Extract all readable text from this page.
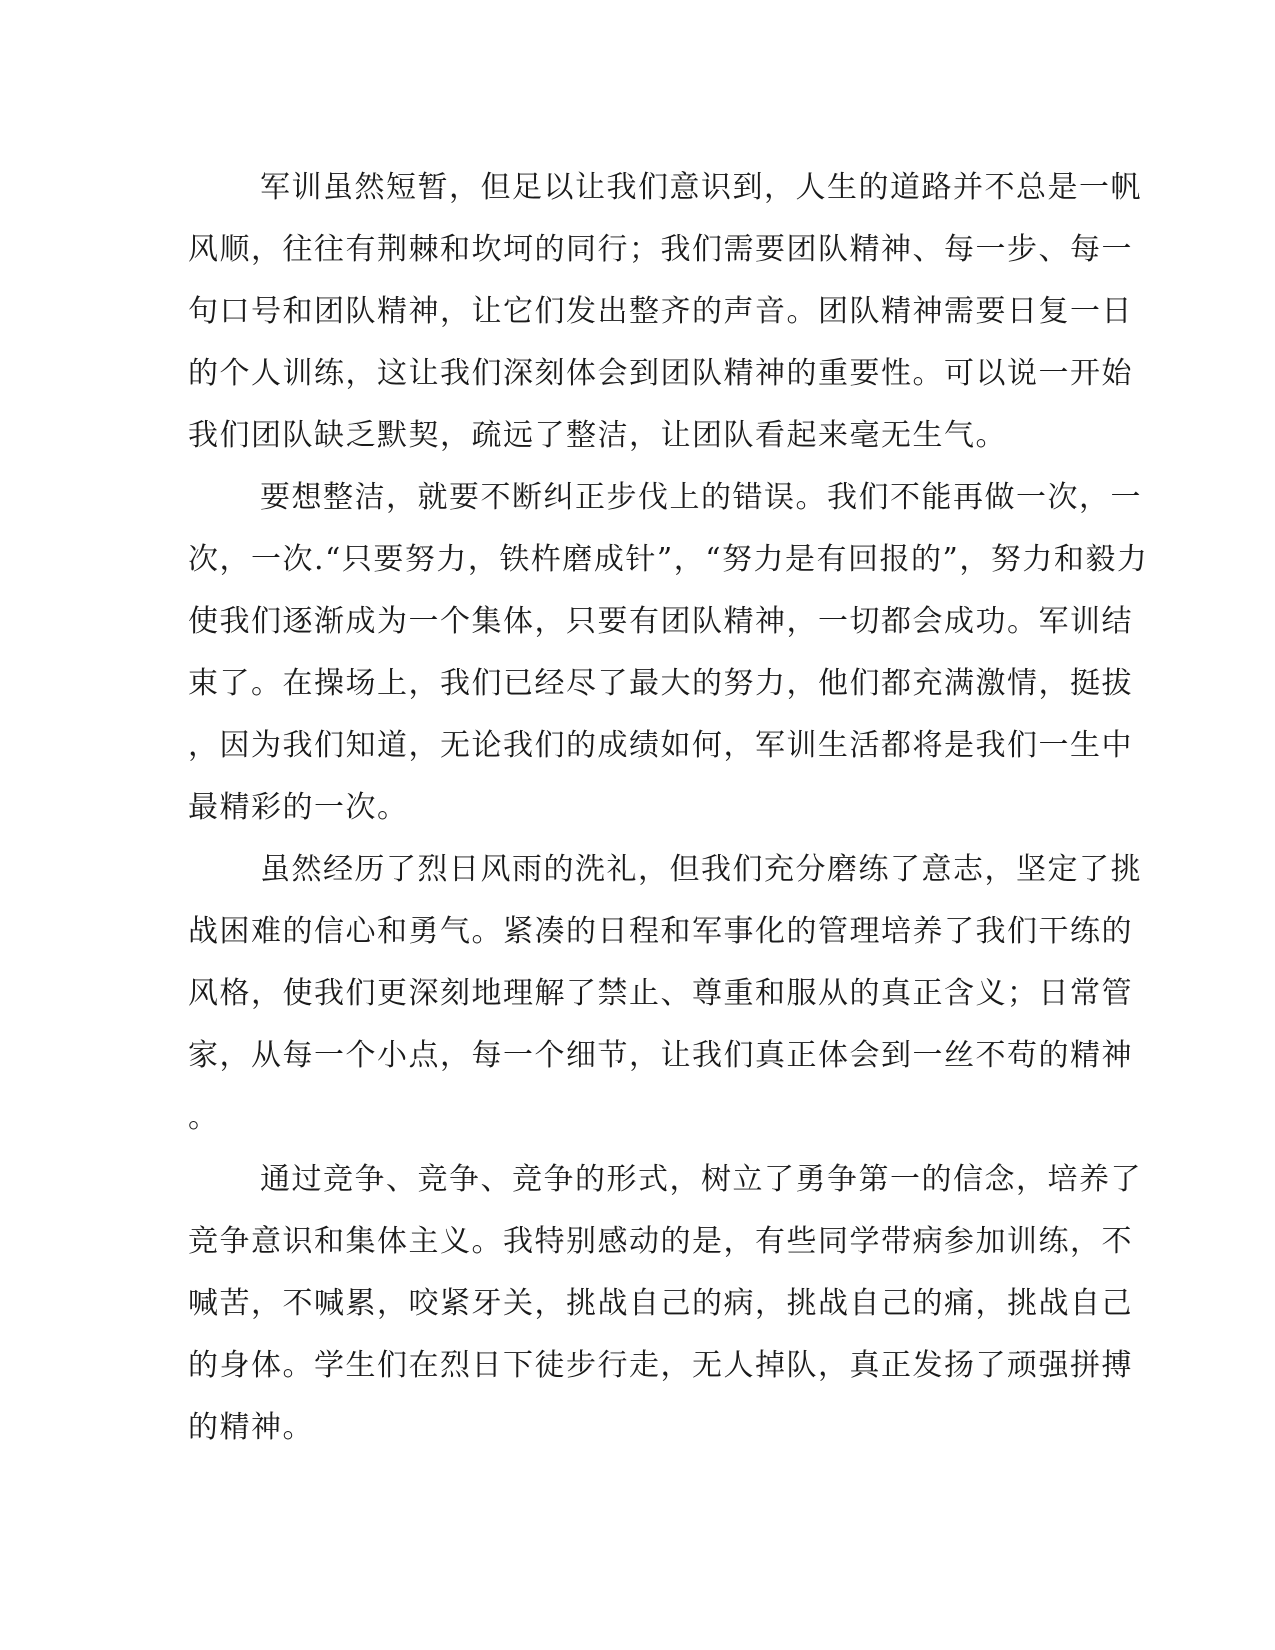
军训虽然短暂，但足以让我们意识到，人生的道路并不总是一帆
风顺，往往有荆棘和坎坷的同行；我们需要团队精神、每一步、每一
句口号和团队精神，让它们发出整齐的声音。团队精神需要日复一日
的个人训练，这让我们深刻体会到团队精神的重要性。可以说一开始
我们团队缺乏默契，疏远了整洁，让团队看起来毫无生气。
要想整洁，就要不断纠正步伐上的错误。我们不能再做一次，一
次，一次.“只要努力，铁杵磨成针”，“努力是有回报的”，努力和毅力
使我们逐渐成为一个集体，只要有团队精神，一切都会成功。军训结
束了。在操场上，我们已经尽了最大的努力，他们都充满激情，挺拔
，因为我们知道，无论我们的成绩如何，军训生活都将是我们一生中
最精彩的一次。
虽然经历了烈日风雨的洗礼，但我们充分磨练了意志，坚定了挑
战困难的信心和勇气。紧凑的日程和军事化的管理培养了我们干练的
风格，使我们更深刻地理解了禁止、尊重和服从的真正含义；日常管
家，从每一个小点，每一个细节，让我们真正体会到一丝不苟的精神
。
通过竞争、竞争、竞争的形式，树立了勇争第一的信念，培养了
竞争意识和集体主义。我特别感动的是，有些同学带病参加训练，不
喊苦，不喊累，咬紧牙关，挑战自己的病，挑战自己的痛，挑战自己
的身体。学生们在烈日下徒步行走，无人掉队，真正发扬了顽强拼搏
的精神。
